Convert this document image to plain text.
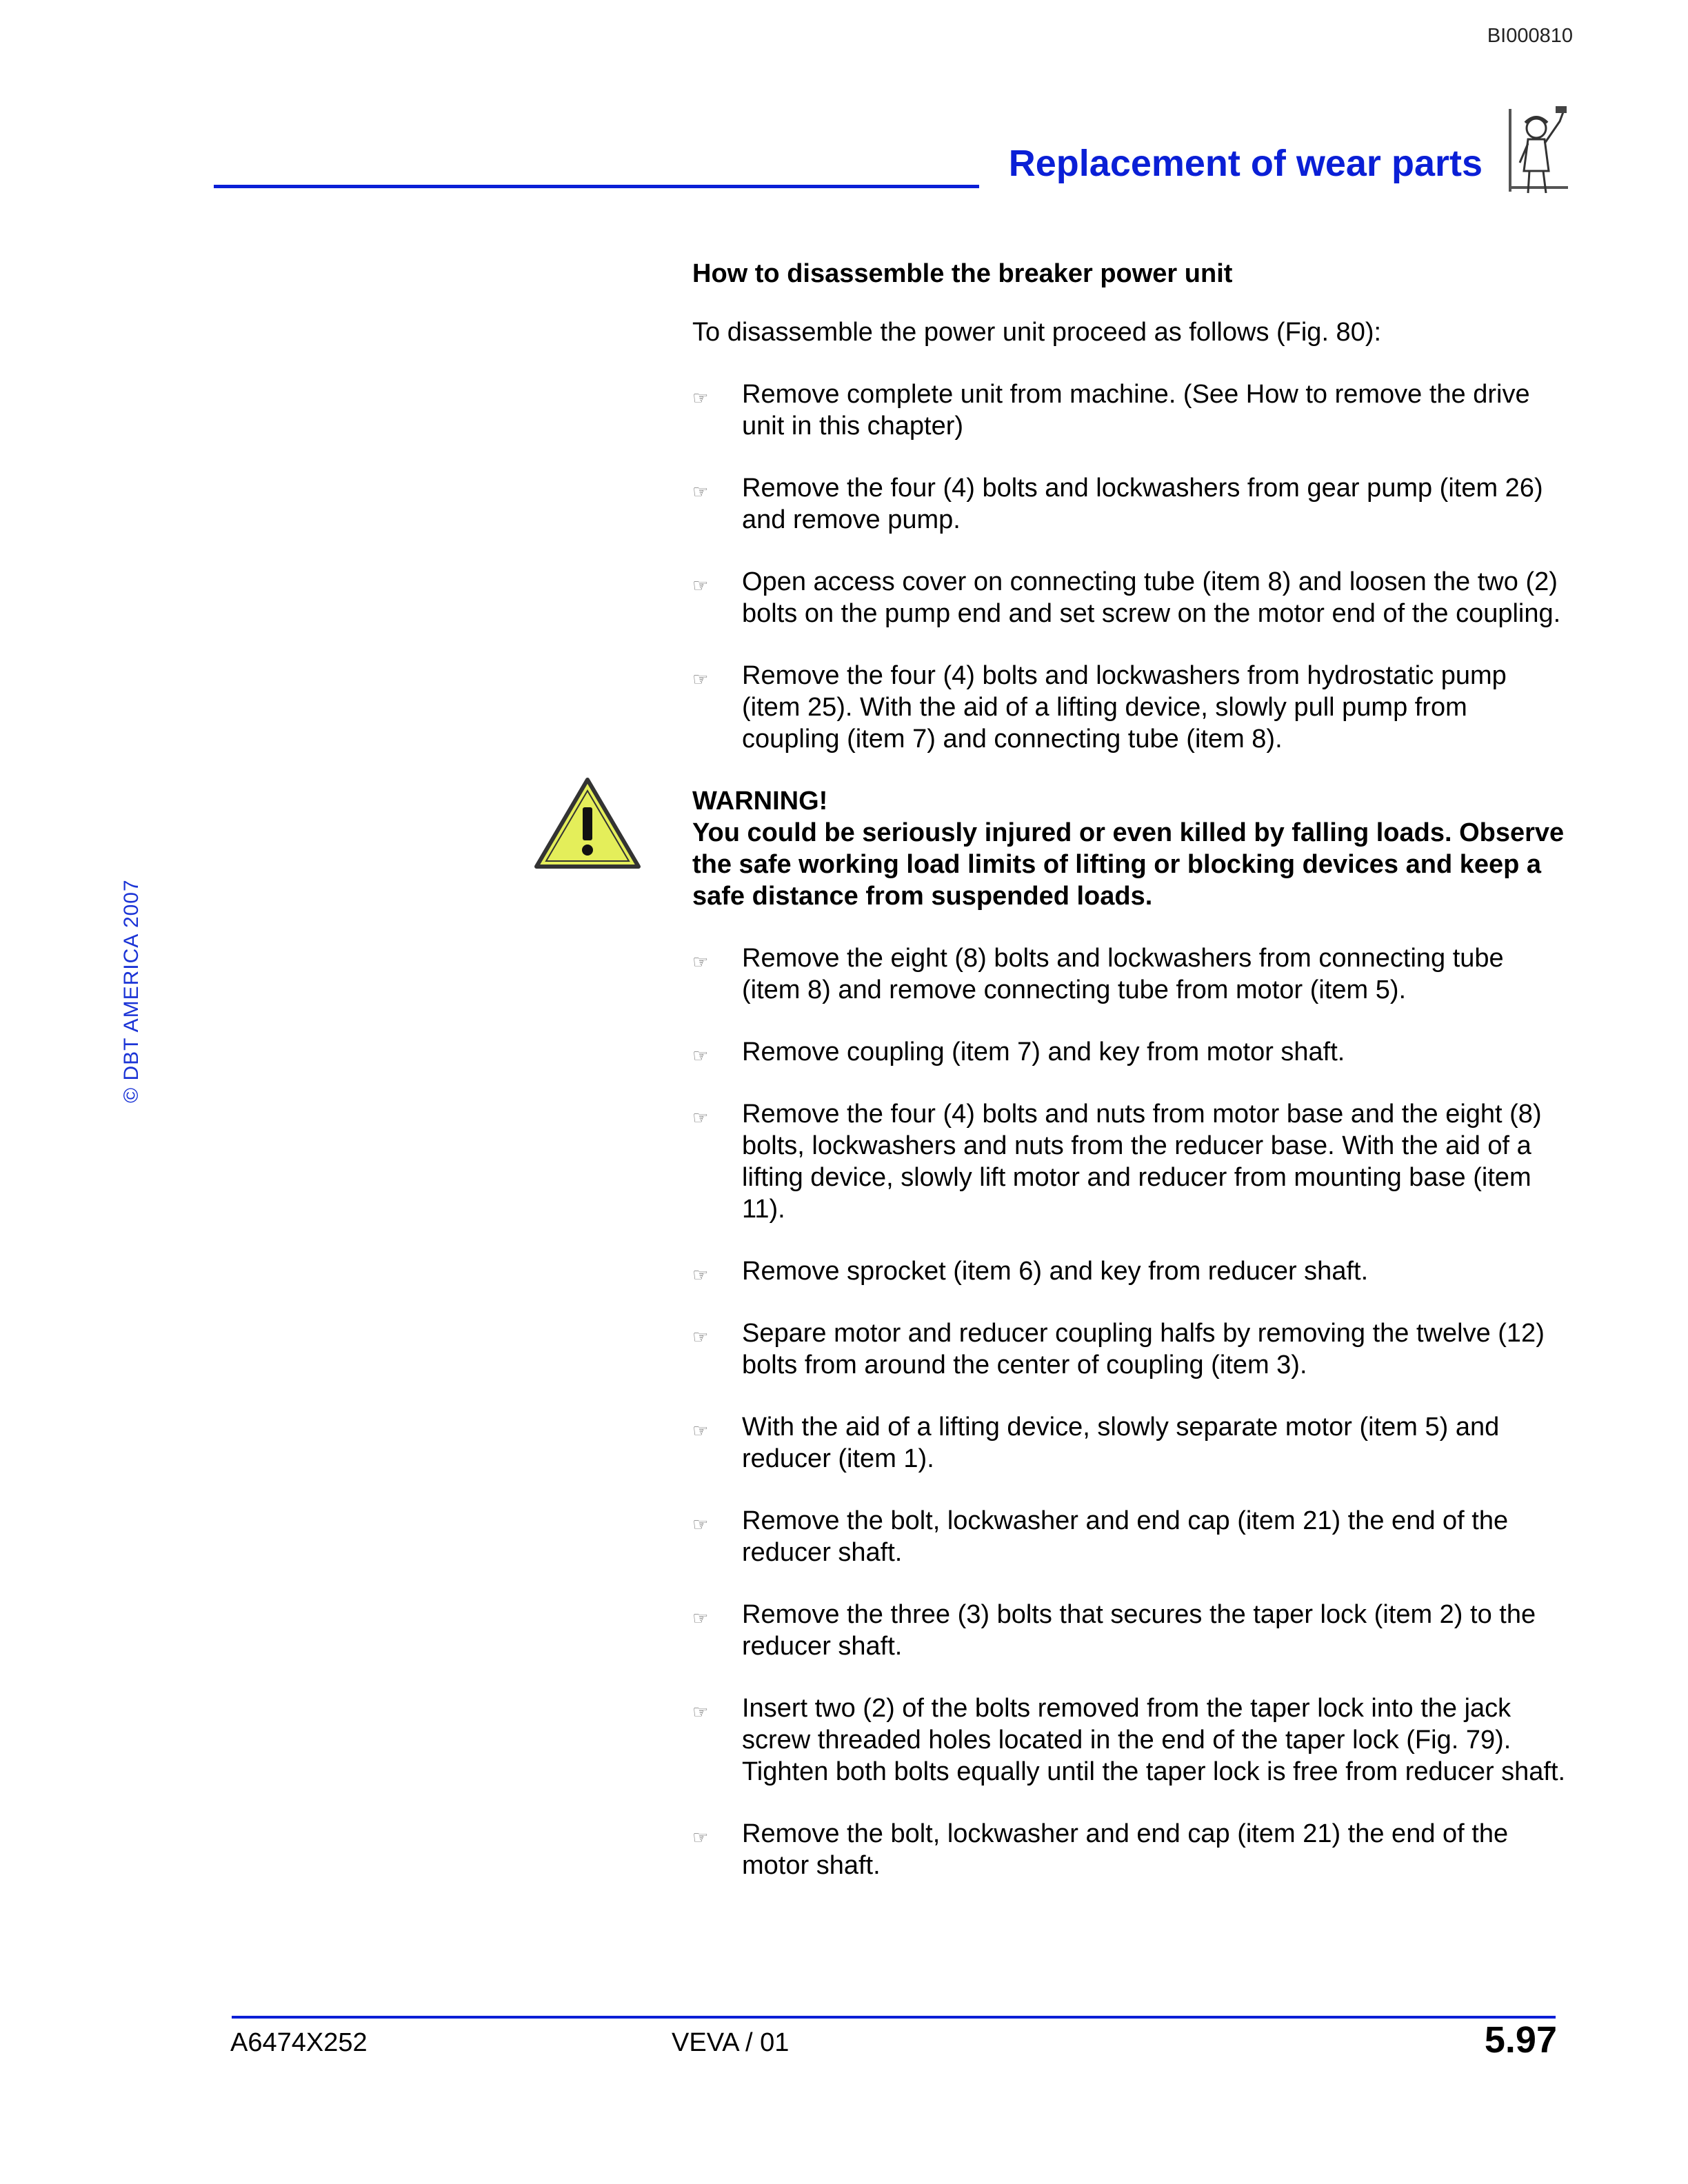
BI000810
Replacement of wear parts
© DBT AMERICA 2007
How to disassemble the breaker power unit

To disassemble the power unit proceed as follows (Fig. 80):

☞ Remove complete unit from machine. (See How to remove the drive unit in this chapter)
☞ Remove the four (4) bolts and lockwashers from gear pump (item 26) and remove pump.
☞ Open access cover on connecting tube (item 8) and loosen the two (2) bolts on the pump end and set screw on the motor end of the coupling.
☞ Remove the four (4) bolts and lockwashers from hydrostatic pump (item 25). With the aid of a lifting device, slowly pull pump from coupling (item 7) and connecting tube (item 8).

WARNING!
You could be seriously injured or even killed by falling loads. Observe the safe working load limits of lifting or blocking devices and keep a safe distance from suspended loads.

☞ Remove the eight (8) bolts and lockwashers from connecting tube (item 8) and remove connecting tube from motor (item 5).
☞ Remove coupling (item 7) and key from motor shaft.
☞ Remove the four (4) bolts and nuts from motor base and the eight (8) bolts, lockwashers and nuts from the reducer base. With the aid of a lifting device, slowly lift motor and reducer from mounting base (item 11).
☞ Remove sprocket (item 6) and key from reducer shaft.
☞ Separe motor and reducer coupling halfs by removing the twelve (12) bolts from around the center of coupling (item 3).
☞ With the aid of a lifting device, slowly separate motor (item 5) and reducer (item 1).
☞ Remove the bolt, lockwasher and end cap (item 21) the end of the reducer shaft.
☞ Remove the three (3) bolts that secures the taper lock (item 2) to the reducer shaft.
☞ Insert two (2) of the bolts removed from the taper lock into the jack screw threaded holes located in the end of the taper lock (Fig. 79). Tighten both bolts equally until the taper lock is free from reducer shaft.
☞ Remove the bolt, lockwasher and end cap (item 21) the end of the motor shaft.
A6474X252	VEVA / 01	5.97
